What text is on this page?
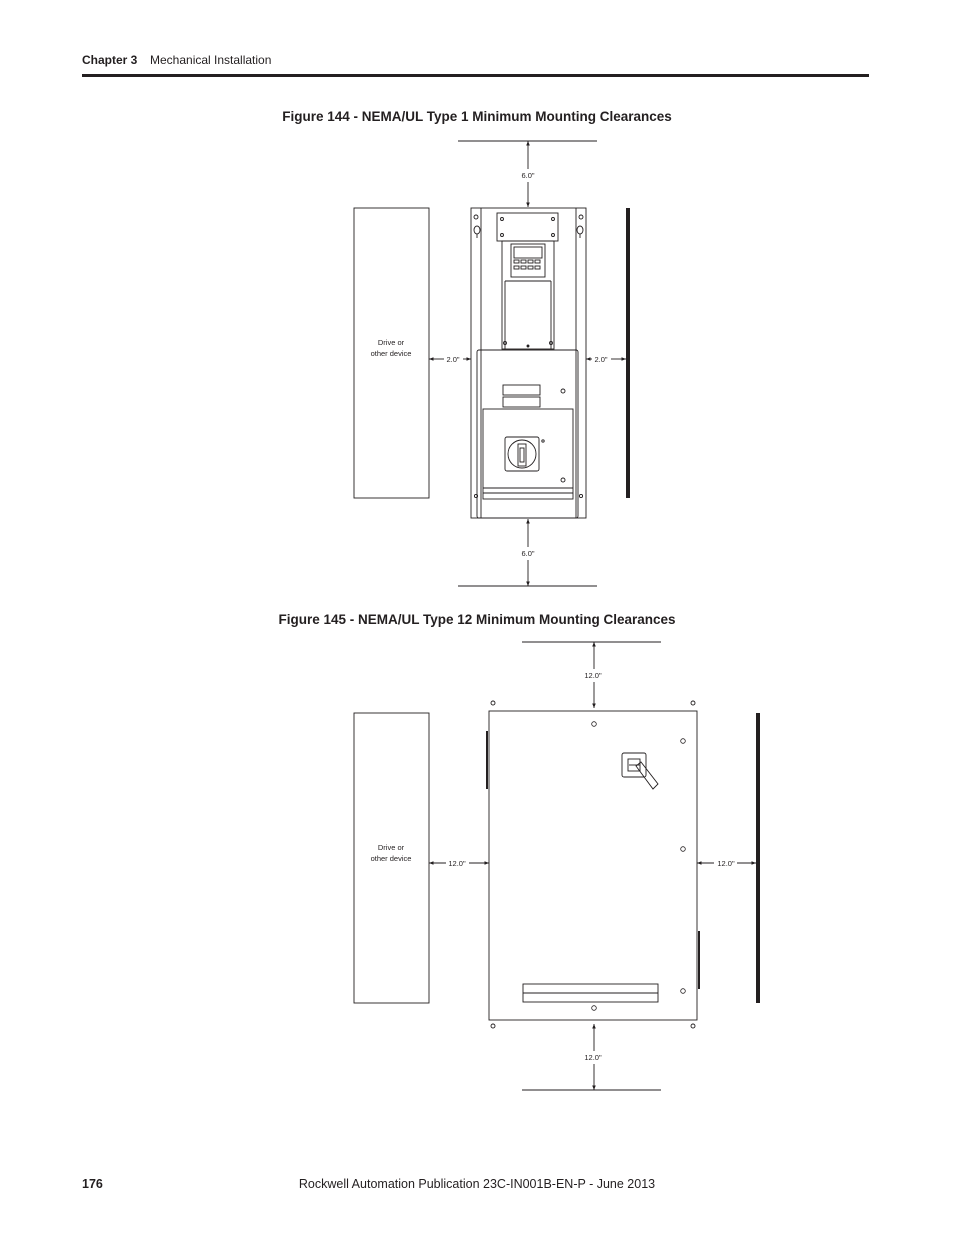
Chapter 3 Mechanical Installation
Figure 144 - NEMA/UL Type 1 Minimum Mounting Clearances
Figure 145 - NEMA/UL Type 12 Minimum Mounting Clearances
6.0"
6.0"
2.0"	2.0"
Drive or
other device
12.0"
12.0"
12.0"	12.0"
Drive or
other device
176	Rockwell Automation Publication 23C-IN001B-EN-P - June 2013
